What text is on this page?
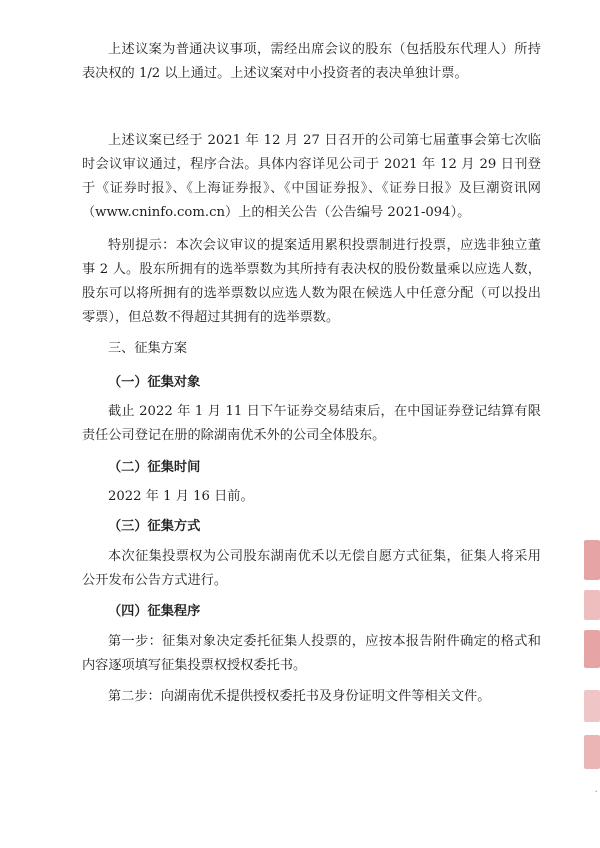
上述议案为普通决议事项，需经出席会议的股东（包括股东代理人）所持表决权的 1/2 以上通过。上述议案对中小投资者的表决单独计票。

上述议案已经于 2021 年 12 月 27 日召开的公司第七届董事会第七次临时会议审议通过，程序合法。具体内容详见公司于 2021 年 12 月 29 日刊登于《证券时报》、《上海证券报》、《中国证券报》、《证券日报》及巨潮资讯网（www.cninfo.com.cn）上的相关公告（公告编号 2021-094）。

特别提示：本次会议审议的提案适用累积投票制进行投票，应选非独立董事 2 人。股东所拥有的选举票数为其所持有表决权的股份数量乘以应选人数，股东可以将所拥有的选举票数以应选人数为限在候选人中任意分配（可以投出零票），但总数不得超过其拥有的选举票数。

三、征集方案

（一）征集对象

截止 2022 年 1 月 11 日下午证券交易结束后，在中国证券登记结算有限责任公司登记在册的除湖南优禾外的公司全体股东。

（二）征集时间

2022 年 1 月 16 日前。

（三）征集方式

本次征集投票权为公司股东湖南优禾以无偿自愿方式征集，征集人将采用公开发布公告方式进行。

（四）征集程序

第一步：征集对象决定委托征集人投票的，应按本报告附件确定的格式和内容逐项填写征集投票权授权委托书。

第二步：向湖南优禾提供授权委托书及身份证明文件等相关文件。

·
